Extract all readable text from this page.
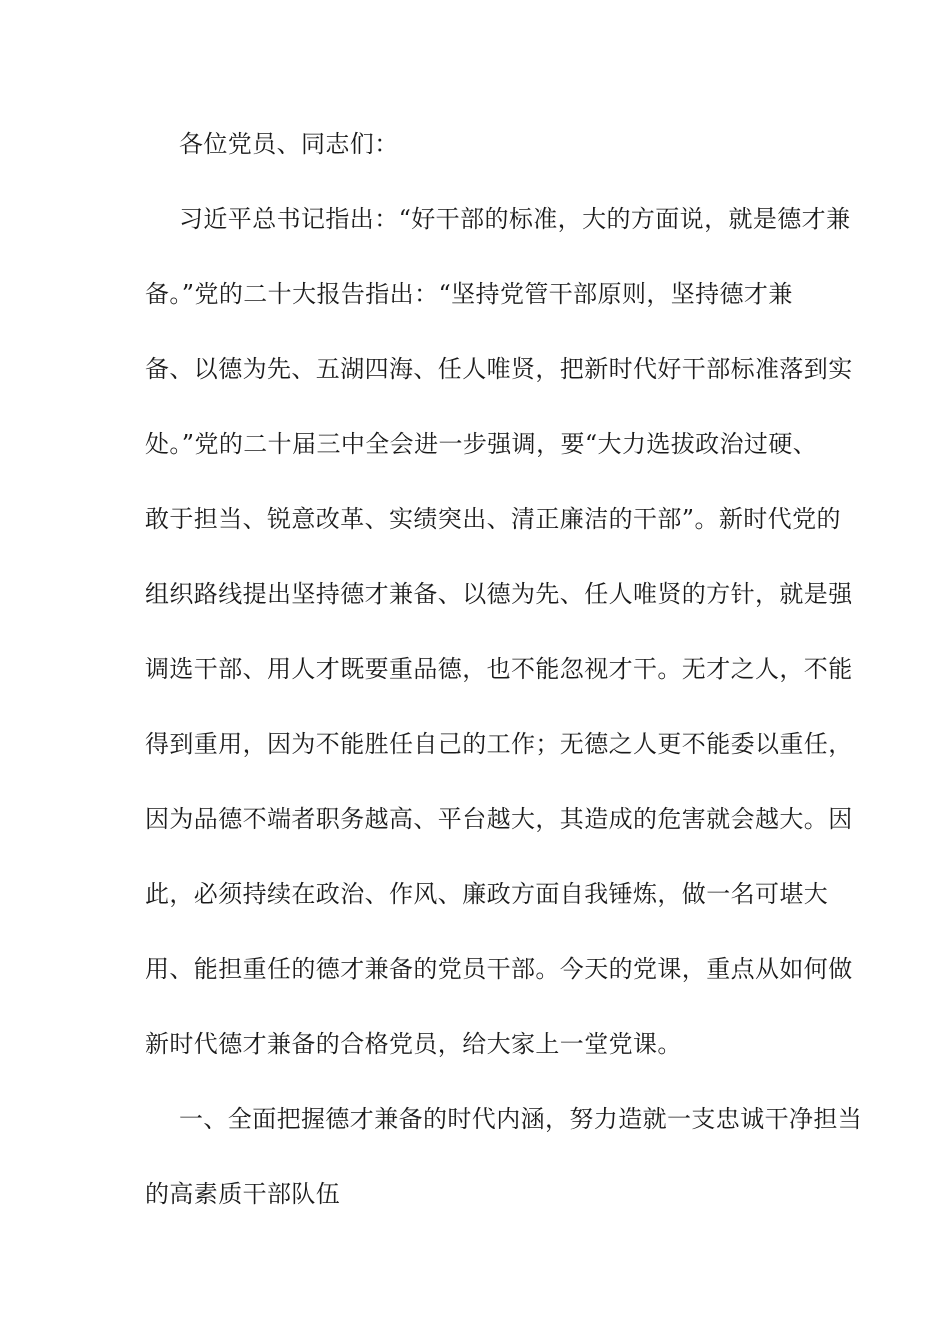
各位党员、同志们：
习近平总书记指出：“好干部的标准，大的方面说，就是德才兼
备。”党的二十大报告指出：“坚持党管干部原则，坚持德才兼
备、以德为先、五湖四海、任人唯贤，把新时代好干部标准落到实
处。”党的二十届三中全会进一步强调，要“大力选拔政治过硬、
敢于担当、锐意改革、实绩突出、清正廉洁的干部”。新时代党的
组织路线提出坚持德才兼备、以德为先、任人唯贤的方针，就是强
调选干部、用人才既要重品德，也不能忽视才干。无才之人，不能
得到重用，因为不能胜任自己的工作；无德之人更不能委以重任，
因为品德不端者职务越高、平台越大，其造成的危害就会越大。因
此，必须持续在政治、作风、廉政方面自我锤炼，做一名可堪大
用、能担重任的德才兼备的党员干部。今天的党课，重点从如何做
新时代德才兼备的合格党员，给大家上一堂党课。
一、全面把握德才兼备的时代内涵，努力造就一支忠诚干净担当
的高素质干部队伍
